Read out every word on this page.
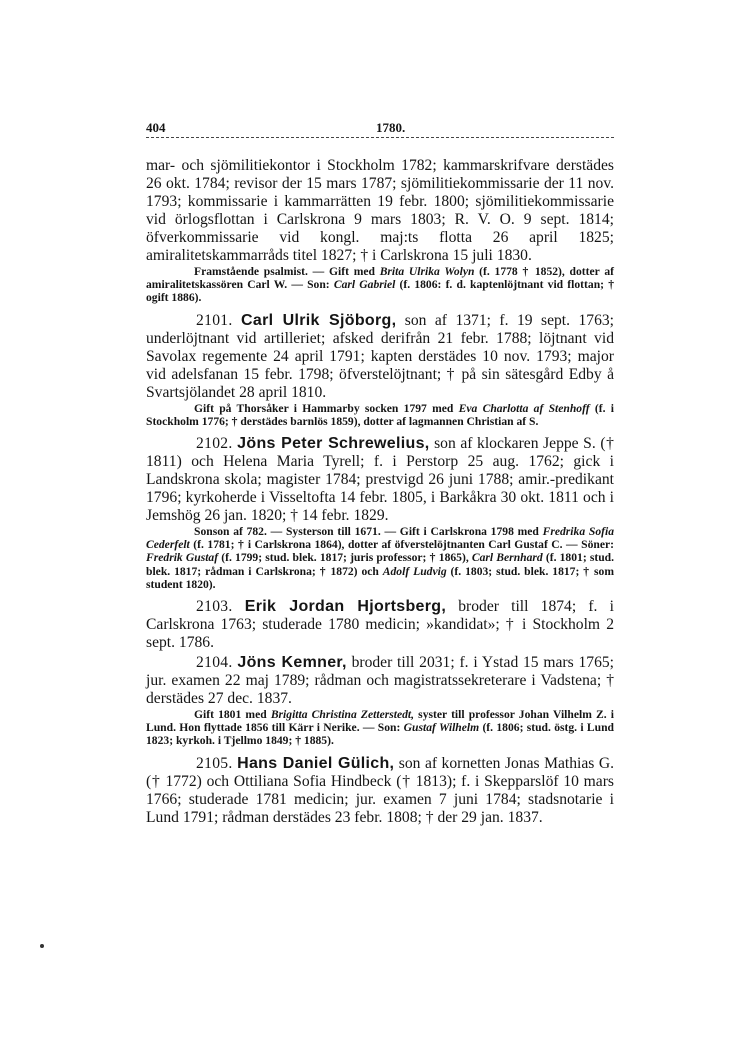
404	1780.

mar- och sjömilitiekontor i Stockholm 1782; kammarskrifvare derstädes 26 okt. 1784; revisor der 15 mars 1787; sjömilitiekommissarie der 11 nov. 1793; kommissarie i kammarrätten 19 febr. 1800; sjömilitiekommissarie vid örlogsflottan i Carlskrona 9 mars 1803; R. V. O. 9 sept. 1814; öfverkommissarie vid kongl. maj:ts flotta 26 april 1825; amiralitetskammarråds titel 1827; † i Carlskrona 15 juli 1830.

Framstående psalmist. — Gift med Brita Ulrika Wolyn (f. 1778 † 1852), dotter af amiralitetskassören Carl W. — Son: Carl Gabriel (f. 1806: f. d. kaptenlöjtnant vid flottan; † ogift 1886).

2101. Carl Ulrik Sjöborg, son af 1371; f. 19 sept. 1763; underlöjtnant vid artilleriet; afsked derifrån 21 febr. 1788; löjtnant vid Savolax regemente 24 april 1791; kapten derstädes 10 nov. 1793; major vid adelsfanan 15 febr. 1798; öfverstelöjtnant; † på sin sätesgård Edby å Svartsjölandet 28 april 1810.

Gift på Thorsåker i Hammarby socken 1797 med Eva Charlotta af Stenhoff (f. i Stockholm 1776; † derstädes barnlös 1859), dotter af lagmannen Christian af S.

2102. Jöns Peter Schrewelius, son af klockaren Jeppe S. († 1811) och Helena Maria Tyrell; f. i Perstorp 25 aug. 1762; gick i Landskrona skola; magister 1784; prestvigd 26 juni 1788; amir.-predikant 1796; kyrkoherde i Visseltofta 14 febr. 1805, i Barkåkra 30 okt. 1811 och i Jemshög 26 jan. 1820; † 14 febr. 1829.

Sonson af 782. — Systerson till 1671. — Gift i Carlskrona 1798 med Fredrika Sofia Cederfelt (f. 1781; † i Carlskrona 1864), dotter af öfverstelöjtnanten Carl Gustaf C. — Söner: Fredrik Gustaf (f. 1799; stud. blek. 1817; juris professor; † 1865), Carl Bernhard (f. 1801; stud. blek. 1817; rådman i Carlskrona; † 1872) och Adolf Ludvig (f. 1803; stud. blek. 1817; † som student 1820).

2103. Erik Jordan Hjortsberg, broder till 1874; f. i Carlskrona 1763; studerade 1780 medicin; »kandidat»; † i Stockholm 2 sept. 1786.

2104. Jöns Kemner, broder till 2031; f. i Ystad 15 mars 1765; jur. examen 22 maj 1789; rådman och magistratssekreterare i Vadstena; † derstädes 27 dec. 1837.

Gift 1801 med Brigitta Christina Zetterstedt, syster till professor Johan Vilhelm Z. i Lund. Hon flyttade 1856 till Kärr i Nerike. — Son: Gustaf Wilhelm (f. 1806; stud. östg. i Lund 1823; kyrkoh. i Tjellmo 1849; † 1885).

2105. Hans Daniel Gülich, son af kornetten Jonas Mathias G. († 1772) och Ottiliana Sofia Hindbeck († 1813); f. i Skepparslöf 10 mars 1766; studerade 1781 medicin; jur. examen 7 juni 1784; stadsnotarie i Lund 1791; rådman derstädes 23 febr. 1808; † der 29 jan. 1837.
